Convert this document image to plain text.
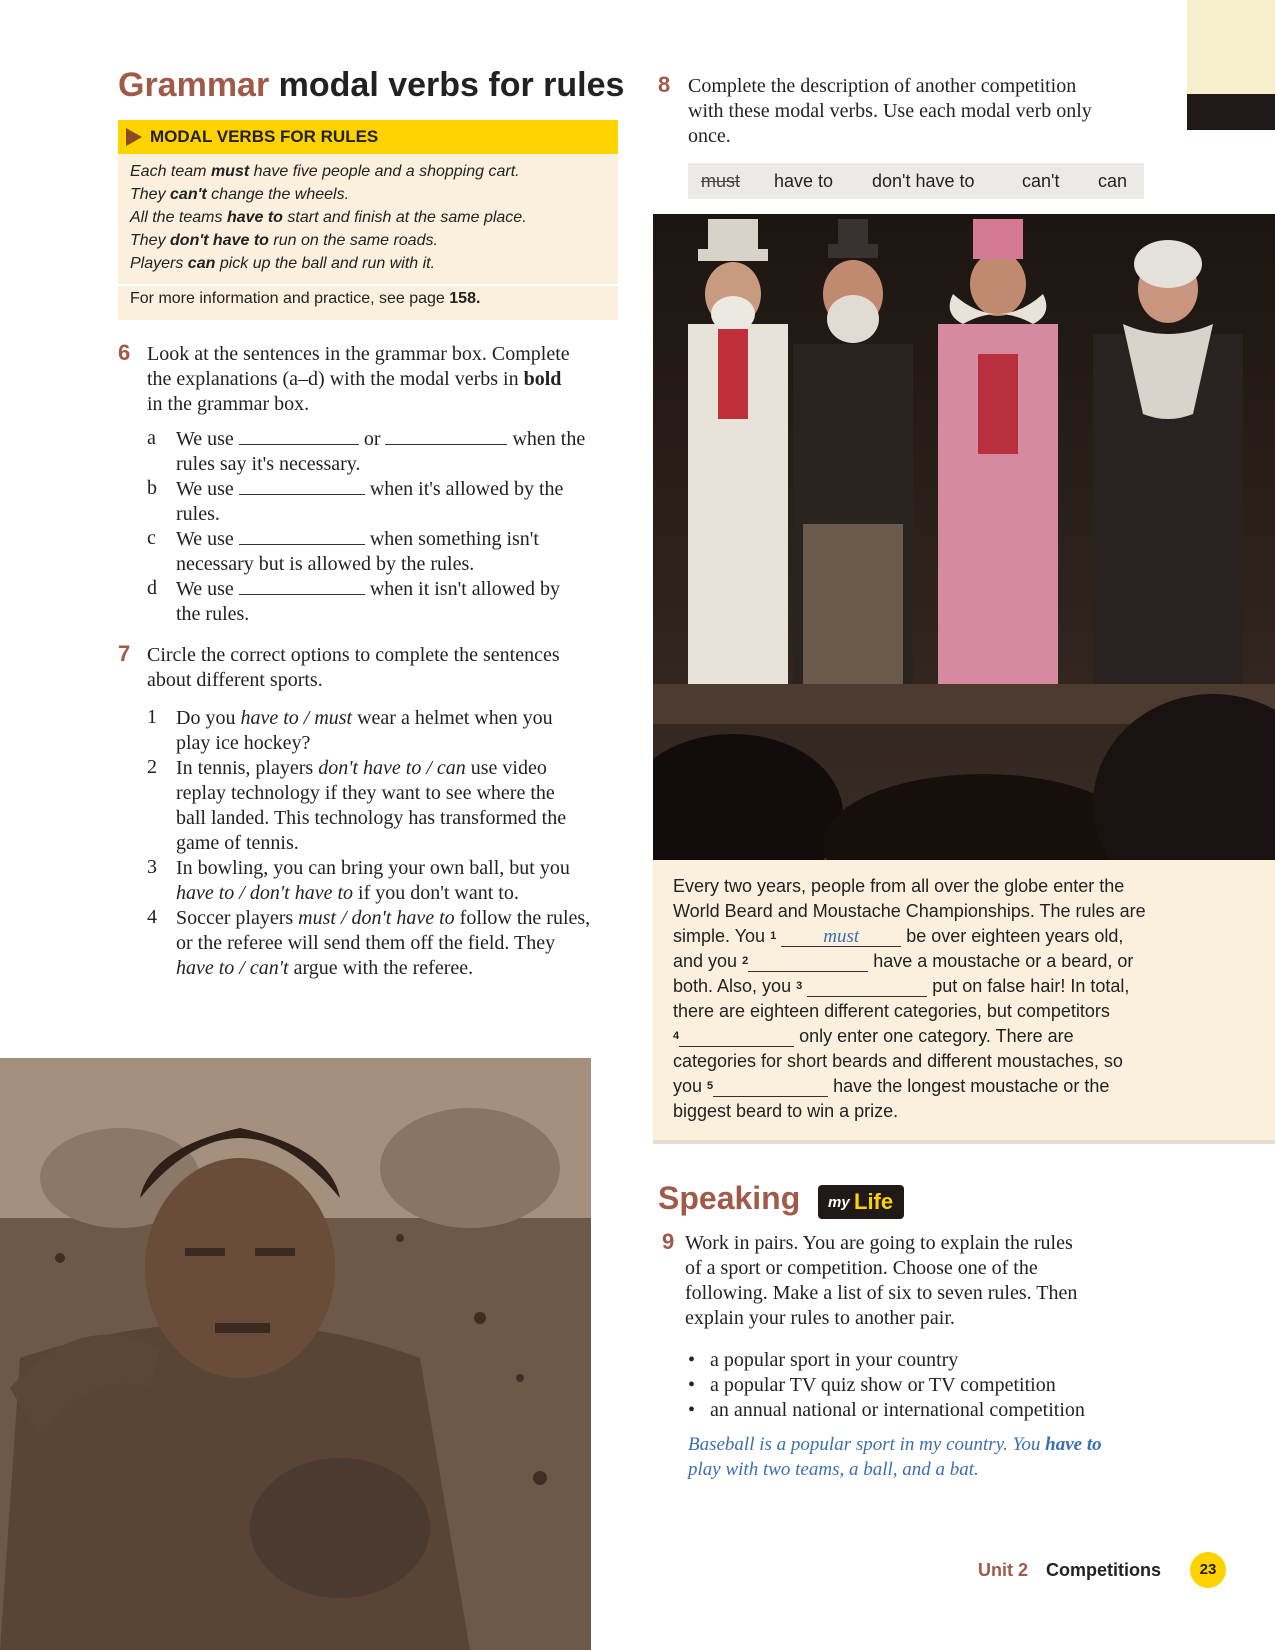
Grammar modal verbs for rules
MODAL VERBS FOR RULES
Each team must have five people and a shopping cart.
They can't change the wheels.
All the teams have to start and finish at the same place.
They don't have to run on the same roads.
Players can pick up the ball and run with it.
For more information and practice, see page 158.
6 Look at the sentences in the grammar box. Complete
the explanations (a–d) with the modal verbs in bold
in the grammar box.
a We use	or	when the
rules say it's necessary.
b We use	when it's allowed by the
rules.
c We use	when something isn't
necessary but is allowed by the rules.
d We use	when it isn't allowed by
the rules.
7 Circle the correct options to complete the sentences
about different sports.
1 Do you have to / must wear a helmet when you
play ice hockey?
2 In tennis, players don't have to / can use video
replay technology if they want to see where the
ball landed. This technology has transformed the
game of tennis.
3 In bowling, you can bring your own ball, but you
have to / don't have to if you don't want to.
4 Soccer players must / don't have to follow the rules,
or the referee will send them off the field. They
have to / can't argue with the referee.
8 Complete the description of another competition
with these modal verbs. Use each modal verb only
once.
must have to don't have to	can't can
Every two years, people from all over the globe enter the
World Beard and Moustache Championships. The rules are
simple. You $^1$ must be over eighteen years old,
and you $^2$	have a moustache or a beard, or
both. Also, you $^3$	put on false hair! In total,
there are eighteen different categories, but competitors
$^4$	only enter one category. There are
categories for short beards and different moustaches, so
you $^5$	have the longest moustache or the
biggest beard to win a prize.
Speaking my Life
9 Work in pairs. You are going to explain the rules
of a sport or competition. Choose one of the
following. Make a list of six to seven rules. Then
explain your rules to another pair.
•   a popular sport in your country
•   a popular TV quiz show or TV competition
•   an annual national or international competition
Baseball is a popular sport in my country. You have to
play with two teams, a ball, and a bat.
Unit 2 Competitions	23
